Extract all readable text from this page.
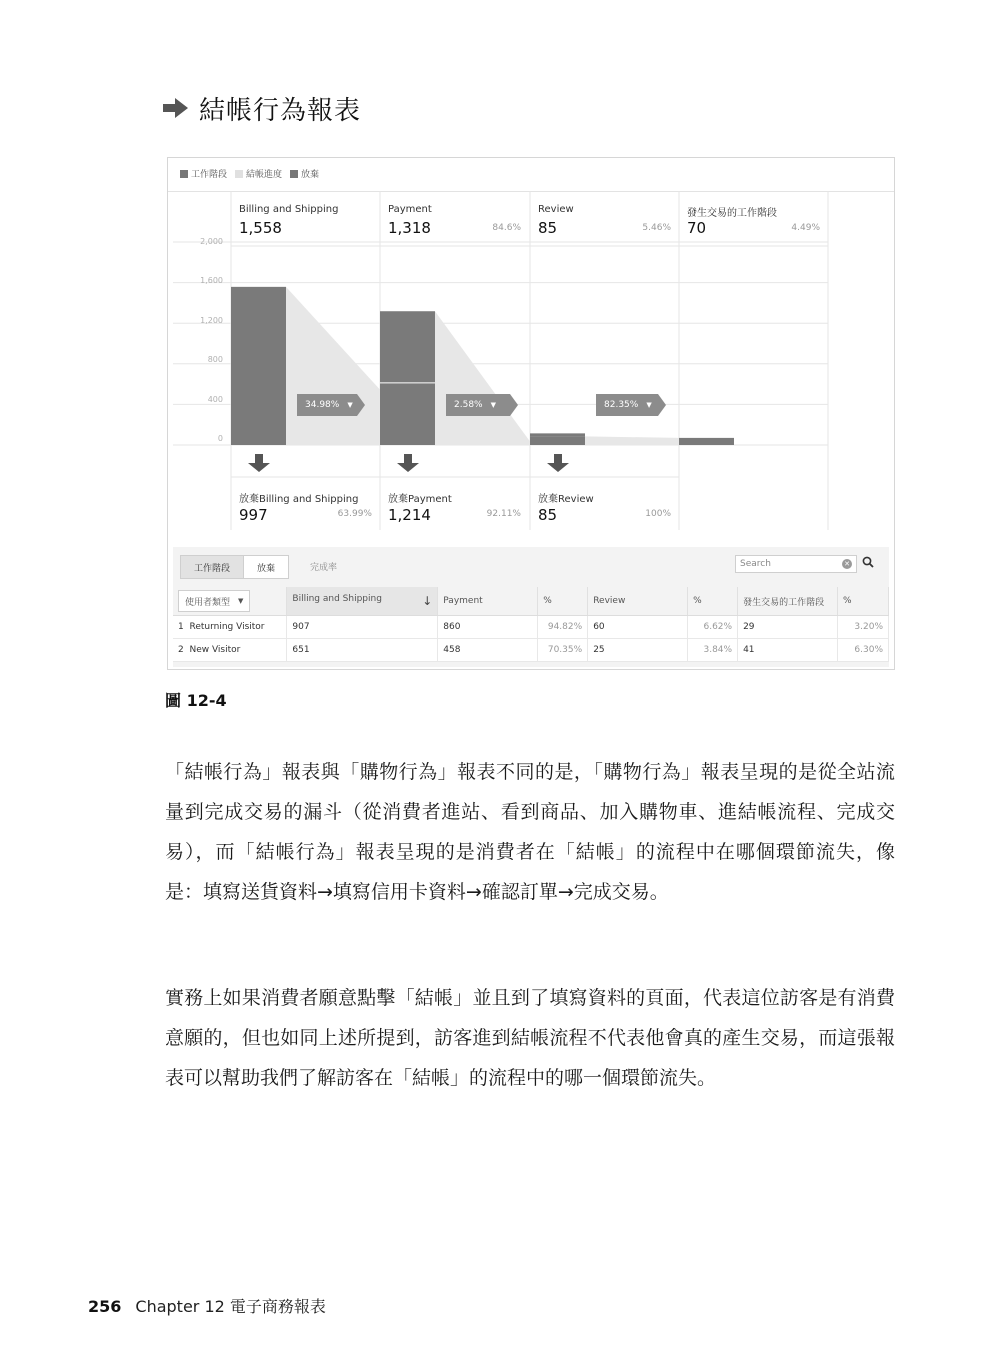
結帳行為報表
工作階段 結帳進度 放棄
2,000
1,600
1,200
800
400
0
Billing and Shipping
1,558
Payment
1,318	84.6%
Review
85	5.46%
發生交易的工作階段
70	4.49%
34.98% ▼	2.58% ▼	82.35% ▼
放棄Billing and Shipping
997	63.99%
放棄Payment
1,214	92.11%
放棄Review
85	100%
工作階段	放棄	完成率	Search	✕
使用者類型 ▼	Billing and Shipping ↓	Payment	%	Review	%	發生交易的工作階段	%
1 Returning Visitor	907	860	94.82%	60	6.62%	29	3.20%
2 New Visitor	651	458	70.35%	25	3.84%	41	6.30%
圖 12-4

「結帳行為」報表與「購物行為」報表不同的是，「購物行為」報表呈現的是從全站流量到完成交易的漏斗（從消費者進站、看到商品、加入購物車、進結帳流程、完成交易），而「結帳行為」報表呈現的是消費者在「結帳」的流程中在哪個環節流失，像是：填寫送貨資料→填寫信用卡資料→確認訂單→完成交易。

實務上如果消費者願意點擊「結帳」並且到了填寫資料的頁面，代表這位訪客是有消費意願的，但也如同上述所提到，訪客進到結帳流程不代表他會真的產生交易，而這張報表可以幫助我們了解訪客在「結帳」的流程中的哪一個環節流失。

256 Chapter 12 電子商務報表
